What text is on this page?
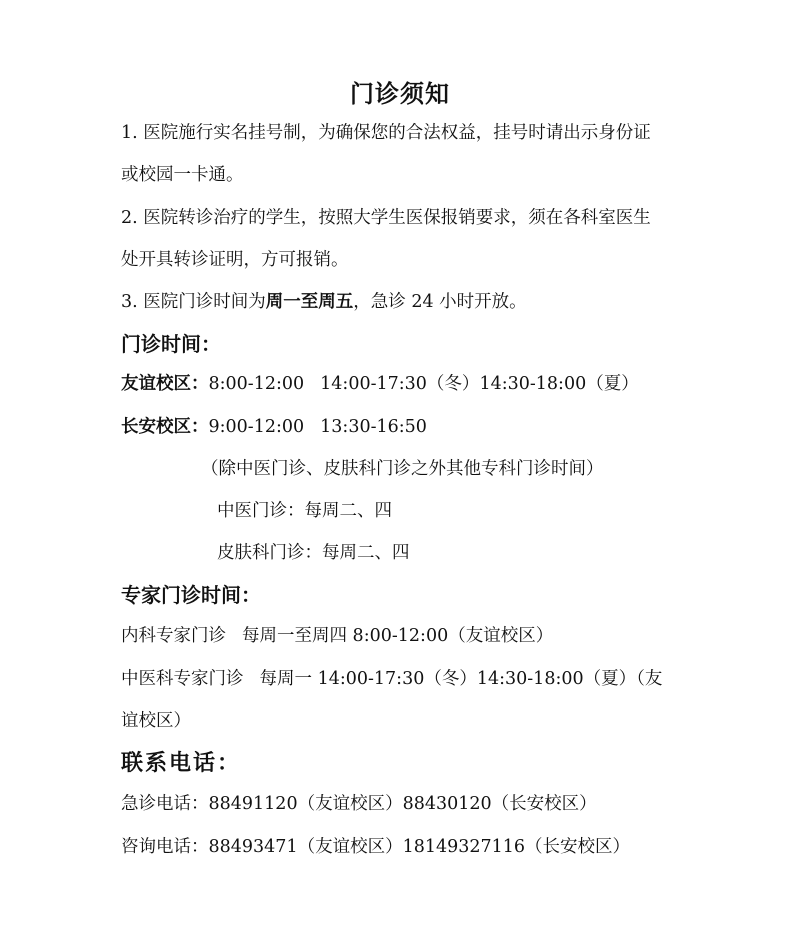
门诊须知
1. 医院施行实名挂号制，为确保您的合法权益，挂号时请出示身份证
或校园一卡通。
2. 医院转诊治疗的学生，按照大学生医保报销要求，须在各科室医生
处开具转诊证明，方可报销。
3. 医院门诊时间为周一至周五，急诊 24 小时开放。
门诊时间：
友谊校区：8:00-12:00 14:00-17:30（冬）14:30-18:00（夏）
长安校区：9:00-12:00 13:30-16:50
（除中医门诊、皮肤科门诊之外其他专科门诊时间）
中医门诊：每周二、四
皮肤科门诊：每周二、四
专家门诊时间：
内科专家门诊 每周一至周四 8:00-12:00（友谊校区）
中医科专家门诊 每周一 14:00-17:30（冬）14:30-18:00（夏）（友
谊校区）
联系电话：
急诊电话：88491120（友谊校区）88430120（长安校区）
咨询电话：88493471（友谊校区）18149327116（长安校区）
